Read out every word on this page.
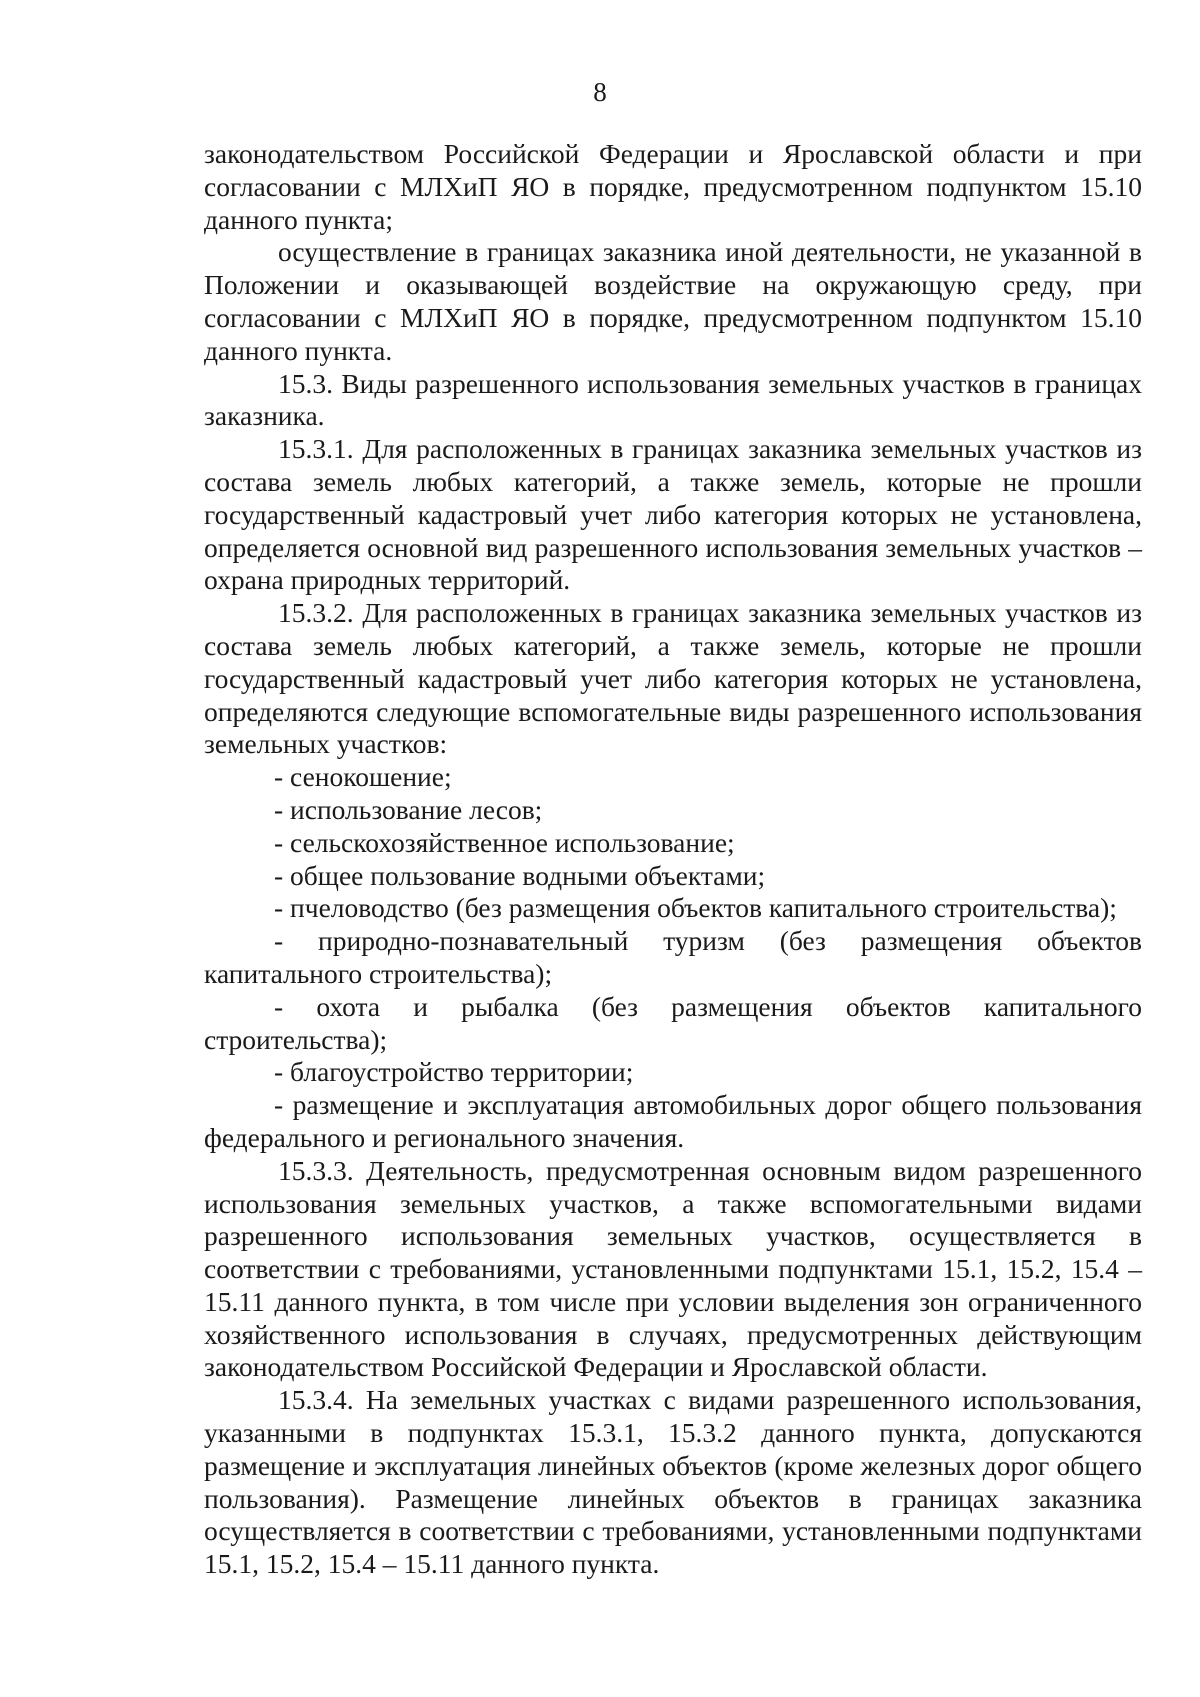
8

законодательством Российской Федерации и Ярославской области и при согласовании с МЛХиП ЯО в порядке, предусмотренном подпунктом 15.10 данного пункта;

осуществление в границах заказника иной деятельности, не указанной в Положении и оказывающей воздействие на окружающую среду, при согласовании с МЛХиП ЯО в порядке, предусмотренном подпунктом 15.10 данного пункта.

15.3. Виды разрешенного использования земельных участков в границах заказника.

15.3.1. Для расположенных в границах заказника земельных участков из состава земель любых категорий, а также земель, которые не прошли государственный кадастровый учет либо категория которых не установлена, определяется основной вид разрешенного использования земельных участков – охрана природных территорий.

15.3.2. Для расположенных в границах заказника земельных участков из состава земель любых категорий, а также земель, которые не прошли государственный кадастровый учет либо категория которых не установлена, определяются следующие вспомогательные виды разрешенного использования земельных участков:

- сенокошение;

- использование лесов;

- сельскохозяйственное использование;

- общее пользование водными объектами;

- пчеловодство (без размещения объектов капитального строительства);

- природно-познавательный туризм (без размещения объектов капитального строительства);

- охота и рыбалка (без размещения объектов капитального строительства);

- благоустройство территории;

- размещение и эксплуатация автомобильных дорог общего пользования федерального и регионального значения.

15.3.3. Деятельность, предусмотренная основным видом разрешенного использования земельных участков, а также вспомогательными видами разрешенного использования земельных участков, осуществляется в соответствии с требованиями, установленными подпунктами 15.1, 15.2, 15.4 – 15.11 данного пункта, в том числе при условии выделения зон ограниченного хозяйственного использования в случаях, предусмотренных действующим законодательством Российской Федерации и Ярославской области.

15.3.4. На земельных участках с видами разрешенного использования, указанными в подпунктах 15.3.1, 15.3.2 данного пункта, допускаются размещение и эксплуатация линейных объектов (кроме железных дорог общего пользования). Размещение линейных объектов в границах заказника осуществляется в соответствии с требованиями, установленными подпунктами 15.1, 15.2, 15.4 – 15.11 данного пункта.
